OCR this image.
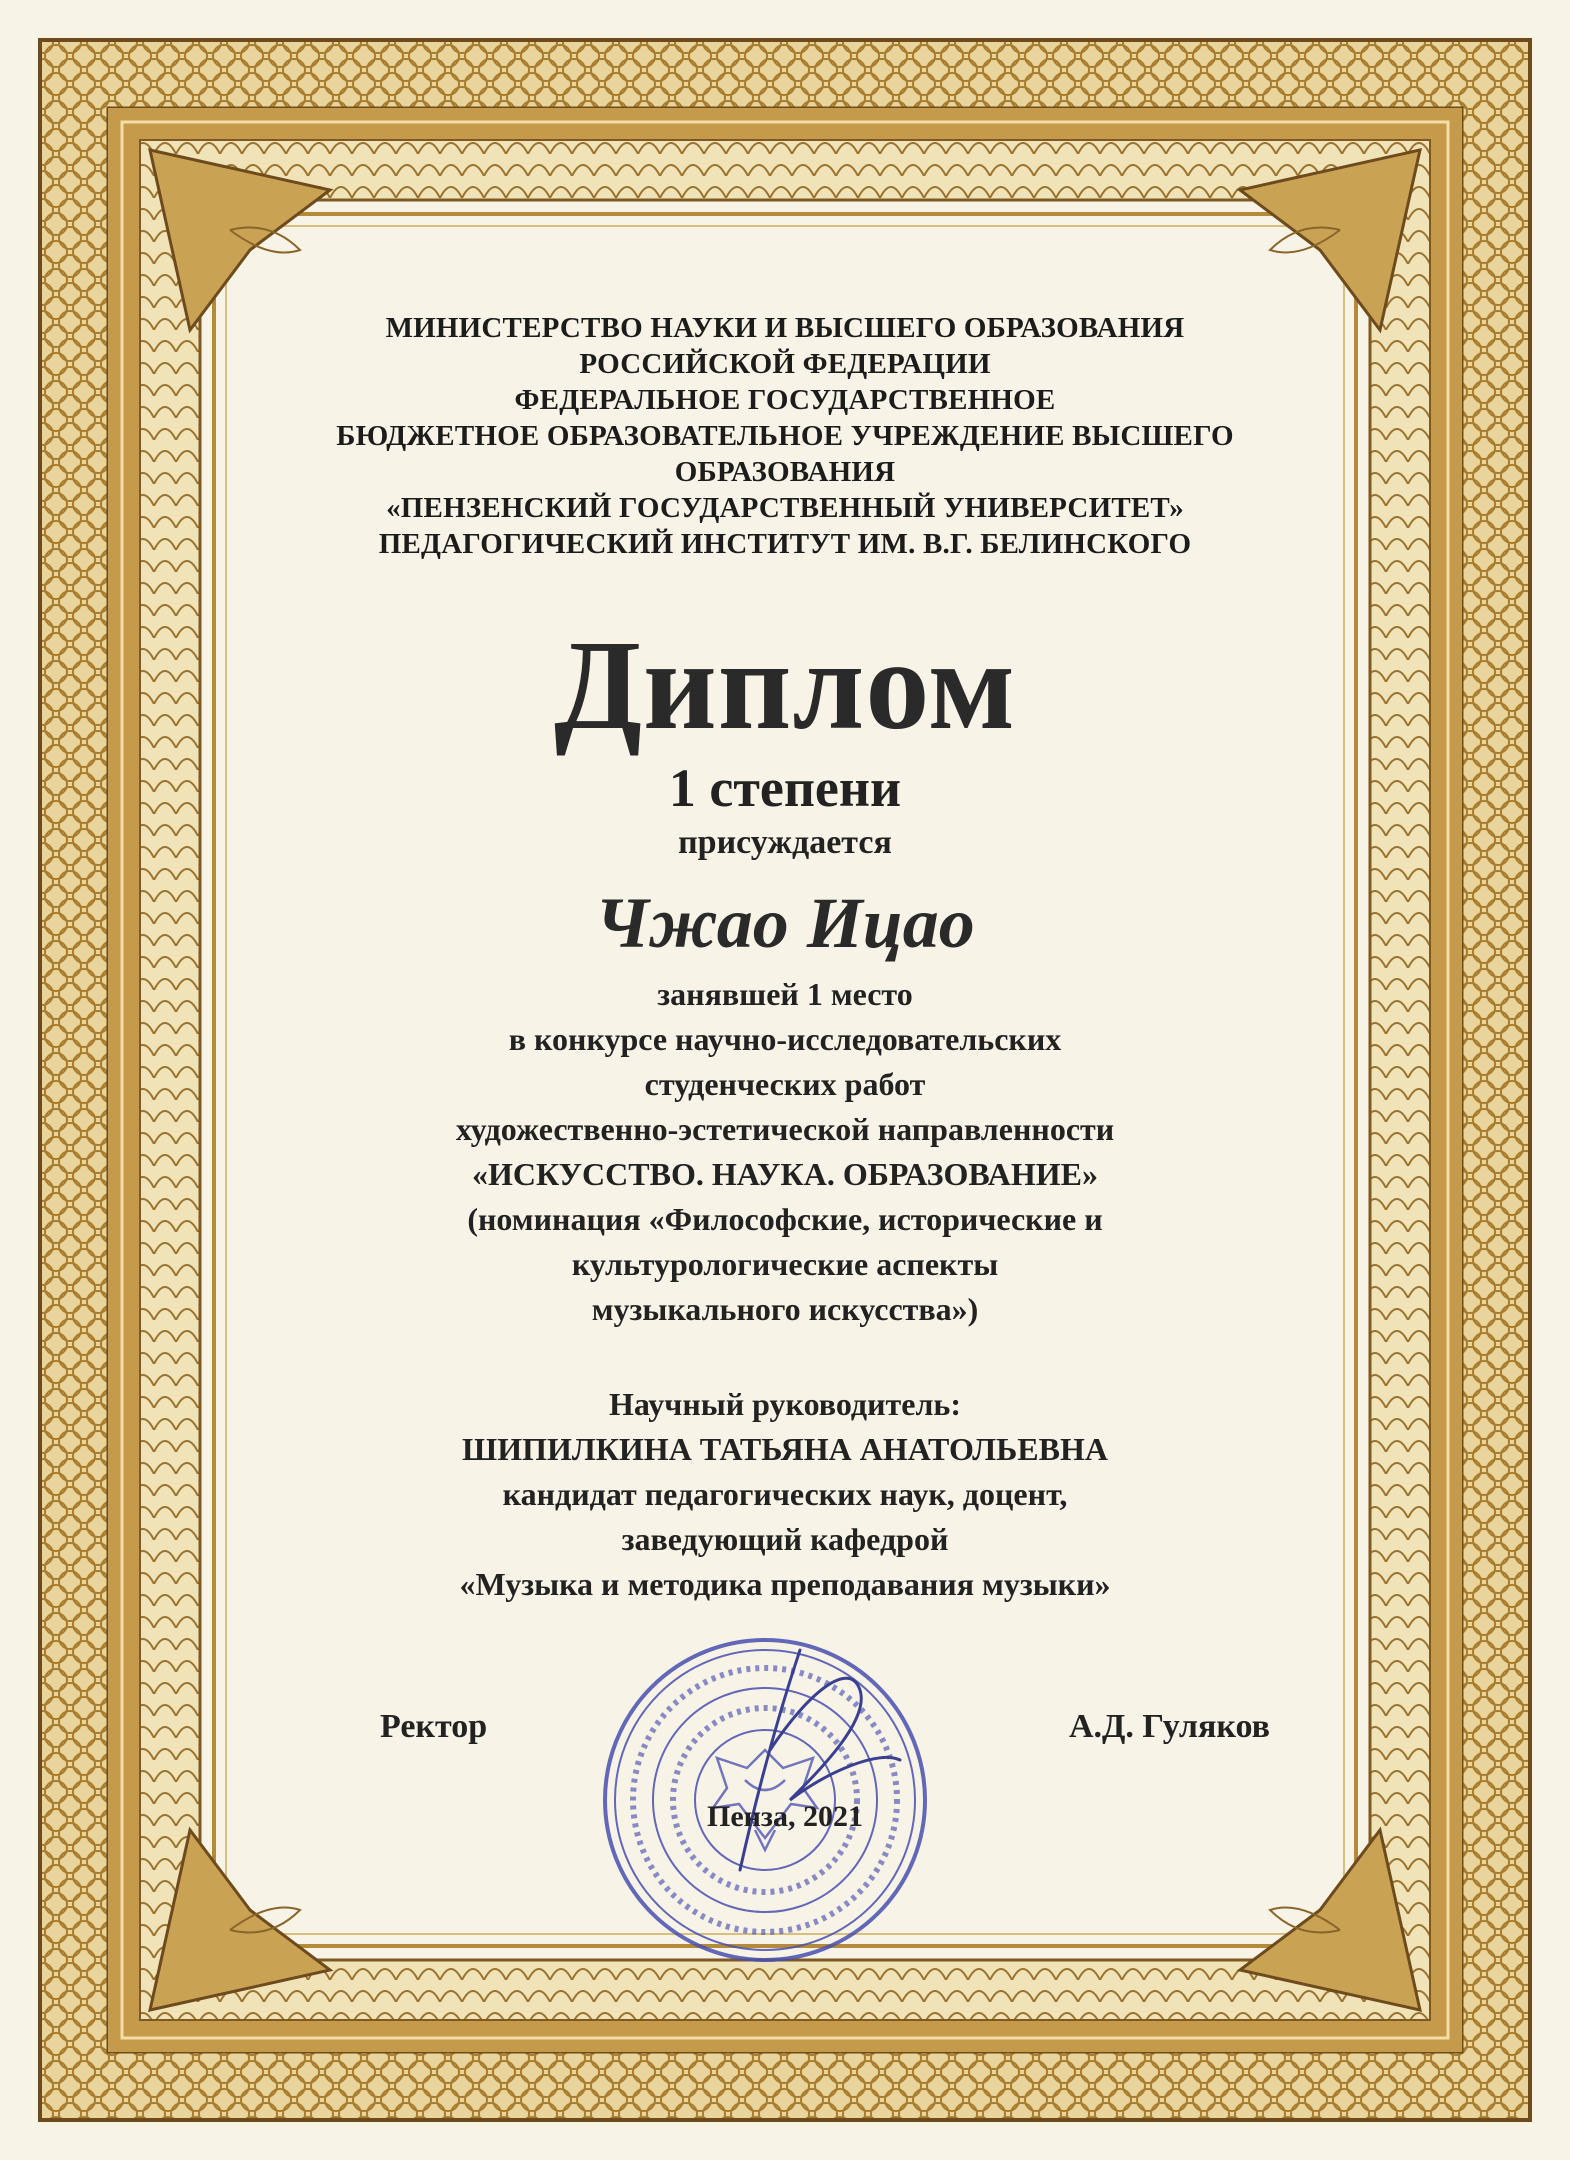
МИНИСТЕРСТВО НАУКИ И ВЫСШЕГО ОБРАЗОВАНИЯ
РОССИЙСКОЙ ФЕДЕРАЦИИ
ФЕДЕРАЛЬНОЕ ГОСУДАРСТВЕННОЕ
БЮДЖЕТНОЕ ОБРАЗОВАТЕЛЬНОЕ УЧРЕЖДЕНИЕ ВЫСШЕГО
ОБРАЗОВАНИЯ
«ПЕНЗЕНСКИЙ ГОСУДАРСТВЕННЫЙ УНИВЕРСИТЕТ»
ПЕДАГОГИЧЕСКИЙ ИНСТИТУТ ИМ. В.Г. БЕЛИНСКОГО
Диплом
1 степени
присуждается
Чжао Ицао
занявшей 1 место
в конкурсе научно-исследовательских
студенческих работ
художественно-эстетической направленности
«ИСКУССТВО. НАУКА. ОБРАЗОВАНИЕ»
(номинация «Философские, исторические и
культурологические аспекты
музыкального искусства»)
Научный руководитель:
ШИПИЛКИНА ТАТЬЯНА АНАТОЛЬЕВНА
кандидат педагогических наук, доцент,
заведующий кафедрой
«Музыка и методика преподавания музыки»
Ректор	А.Д. Гуляков
Пенза, 2021
